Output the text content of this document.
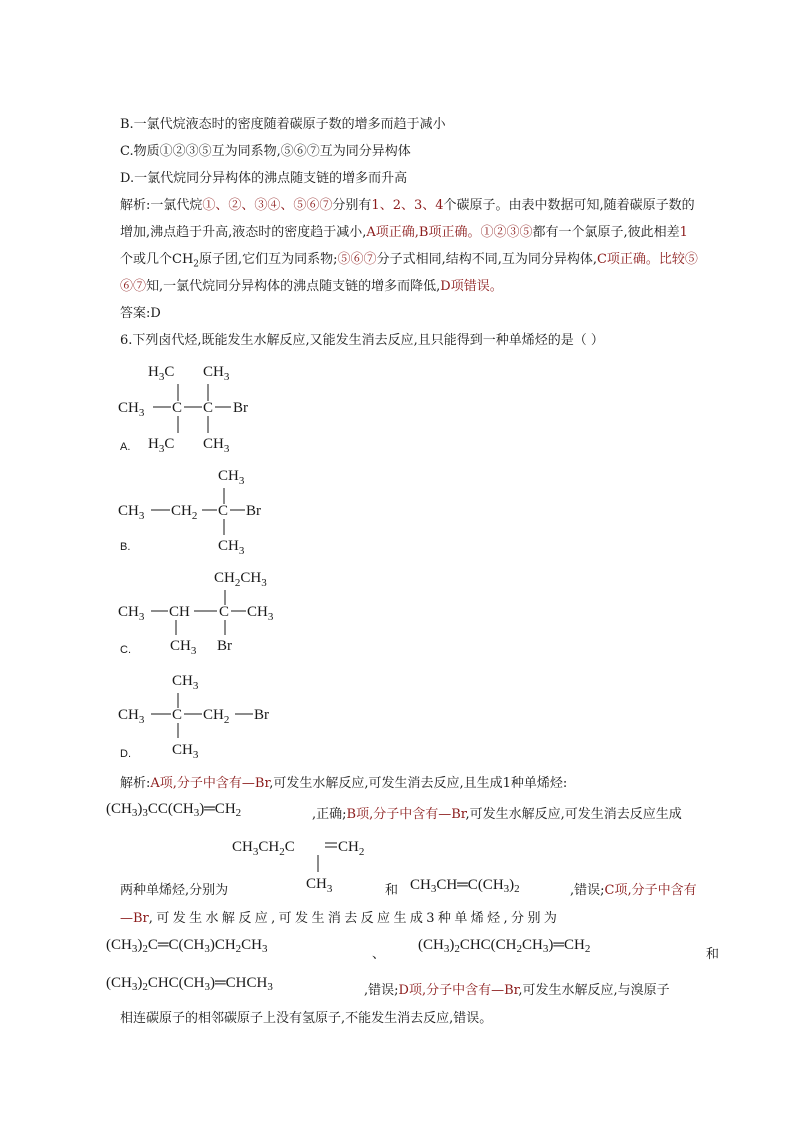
B.一氯代烷液态时的密度随着碳原子数的增多而趋于减小
C.物质①②③⑤互为同系物,⑤⑥⑦互为同分异构体
D.一氯代烷同分异构体的沸点随支链的增多而升高
解析:一氯代烷①、②、③④、⑤⑥⑦分别有1、2、3、4个碳原子。由表中数据可知,随着碳原子数的
增加,沸点趋于升高,液态时的密度趋于减小,A项正确,B项正确。①②③⑤都有一个氯原子,彼此相差1
个或几个$CH_2$原子团,它们互为同系物;⑤⑥⑦分子式相同,结构不同,互为同分异构体,C项正确。比较⑤
⑥⑦知,一氯代烷同分异构体的沸点随支链的增多而降低,D项错误。
答案:D
6.下列卤代烃,既能发生水解反应,又能发生消去反应,且只能得到一种单烯烃的是（ ）
$H_3C$ $CH_3$
$CH_3$ C C Br
$H_3C$ $CH_3$
A.
$CH_3$
$CH_3$ $CH_2$ C Br
$CH_3$
B.
$CH_2CH_3$
$CH_3$ CH C $CH_3$
$CH_3$ Br
C.
$CH_3$
$CH_3$ C $CH_2$ Br
$CH_3$
D.
解析:A项,分子中含有—Br,可发生水解反应,可发生消去反应,且生成1种单烯烃:
$(CH_3)_3CC(CH_3)═CH_2$	,正确;B项,分子中含有—Br,可发生水解反应,可发生消去反应生成
$CH_3CH_2C$	$CH_2$
$CH_3$
两种单烯烃,分别为	和 $CH_3CH═C(CH_3)_2$	,错误;C项,分子中含有
—Br,可发生水解反应,可发生消去反应生成3种单烯烃,分别为
$(CH_3)_2C═C(CH_3)CH_2CH_3$	、
$(CH_3)_2CHC(CH_2CH_3)═CH_2$	和
$(CH_3)_2CHC(CH_3)═CHCH_3$	,错误;D项,分子中含有—Br,可发生水解反应,与溴原子
相连碳原子的相邻碳原子上没有氢原子,不能发生消去反应,错误。
